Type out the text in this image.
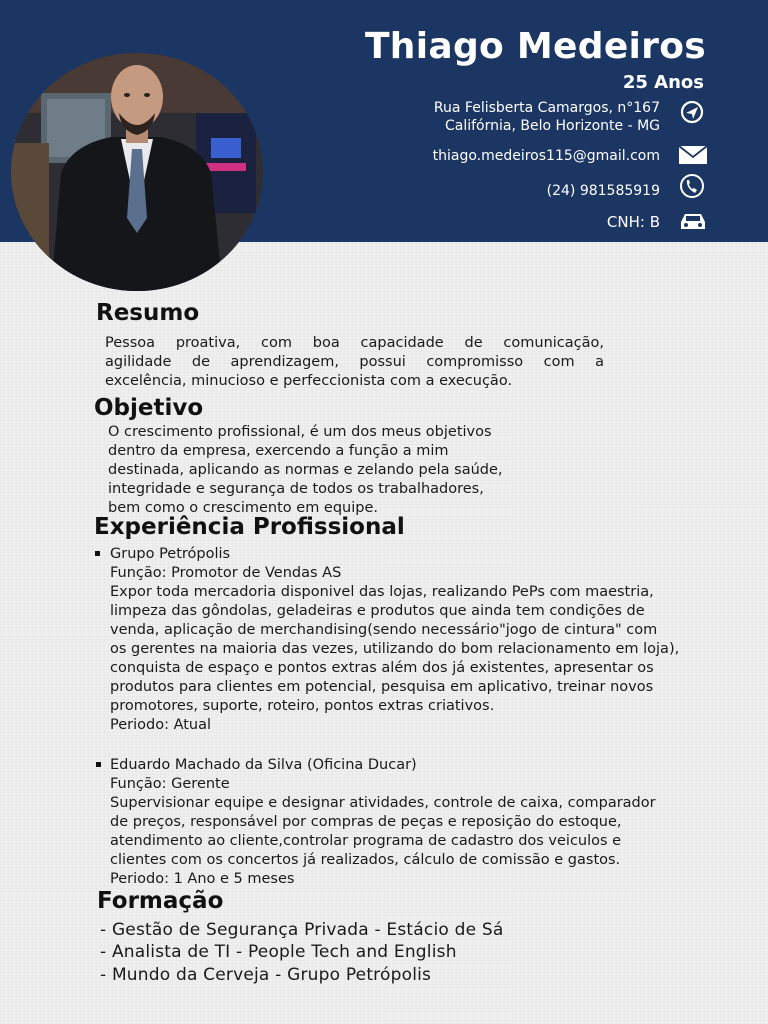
Thiago Medeiros
25 Anos
Rua Felisberta Camargos, n°167
Califórnia, Belo Horizonte - MG
thiago.medeiros115@gmail.com
(24) 981585919
CNH: B
Resumo
Pessoa proativa, com boa capacidade de comunicação,
agilidade de aprendizagem, possui compromisso com a
excelência, minucioso e perfeccionista com a execução.
Objetivo
O crescimento profissional, é um dos meus objetivos
dentro da empresa, exercendo a função a mim
destinada, aplicando as normas e zelando pela saúde,
integridade e segurança de todos os trabalhadores,
bem como o crescimento em equipe.
Experiência Profissional
Grupo Petrópolis
Função: Promotor de Vendas AS
Expor toda mercadoria disponivel das lojas, realizando PePs com maestria,
limpeza das gôndolas, geladeiras e produtos que ainda tem condições de
venda, aplicação de merchandising(sendo necessário"jogo de cintura" com
os gerentes na maioria das vezes, utilizando do bom relacionamento em loja),
conquista de espaço e pontos extras além dos já existentes, apresentar os
produtos para clientes em potencial, pesquisa em aplicativo, treinar novos
promotores, suporte, roteiro, pontos extras criativos.
Periodo: Atual
Eduardo Machado da Silva (Oficina Ducar)
Função: Gerente
Supervisionar equipe e designar atividades, controle de caixa, comparador
de preços, responsável por compras de peças e reposição do estoque,
atendimento ao cliente,controlar programa de cadastro dos veiculos e
clientes com os concertos já realizados, cálculo de comissão e gastos.
Periodo: 1 Ano e 5 meses
Formação
- Gestão de Segurança Privada - Estácio de Sá
- Analista de TI - People Tech and English
- Mundo da Cerveja - Grupo Petrópolis
